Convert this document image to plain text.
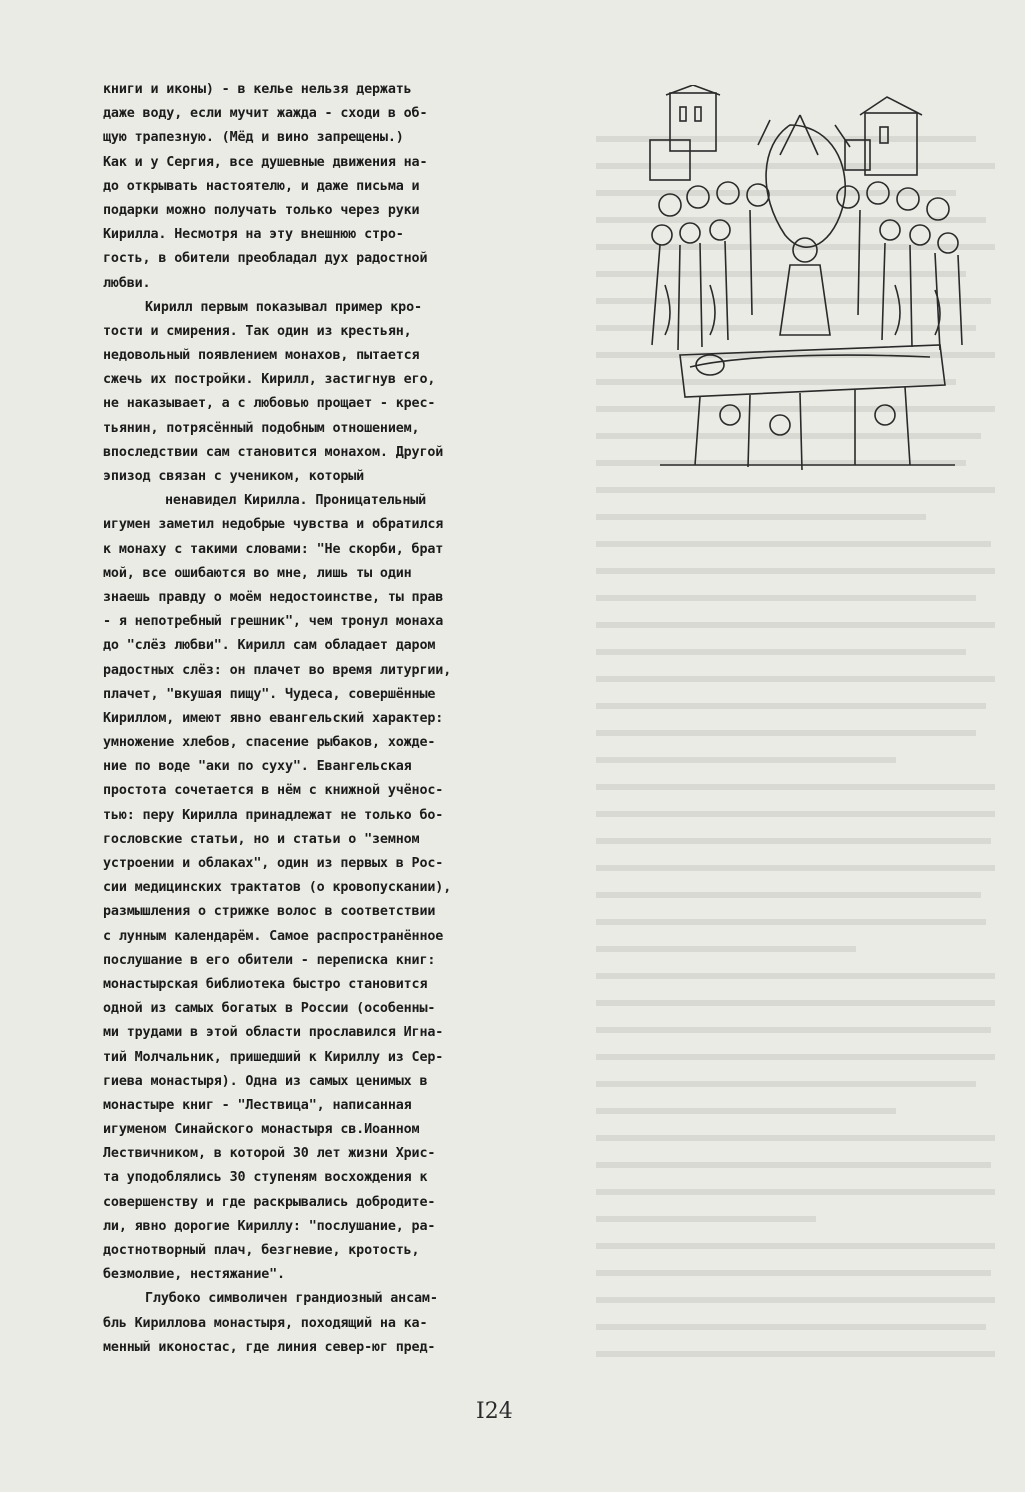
книги и иконы) - в келье нельзя держать
даже воду, если мучит жажда - сходи в об-
щую трапезную. (Мёд и вино запрещены.)
Как и у Сергия, все душевные движения на-
до открывать настоятелю, и даже письма и
подарки можно получать только через руки
Кирилла. Несмотря на эту внешнюю стро-
гость, в обители преобладал дух радостной
любви.
Кирилл первым показывал пример кро-
тости и смирения. Так один из крестьян,
недовольный появлением монахов, пытается
сжечь их постройки. Кирилл, застигнув его,
не наказывает, а с любовью прощает - крес-
тьянин, потрясённый подобным отношением,
впоследствии сам становится монахом. Другой
эпизод связан с учеником, который
ненавидел Кирилла. Проницательный
игумен заметил недобрые чувства и обратился
к монаху с такими словами: "Не скорби, брат
мой, все ошибаются во мне, лишь ты один
знаешь правду о моём недостоинстве, ты прав
- я непотребный грешник", чем тронул монаха
до "слёз любви". Кирилл сам обладает даром
радостных слёз: он плачет во время литургии,
плачет, "вкушая пищу". Чудеса, совершённые
Кириллом, имеют явно евангельский характер:
умножение хлебов, спасение рыбаков, хожде-
ние по воде "аки по суху". Евангельская
простота сочетается в нём с книжной учёнос-
тью: перу Кирилла принадлежат не только бо-
гословские статьи, но и статьи о "земном
устроении и облаках", один из первых в Рос-
сии медицинских трактатов (о кровопускании),
размышления о стрижке волос в соответствии
с лунным календарём. Самое распространённое
послушание в его обители - переписка книг:
монастырская библиотека быстро становится
одной из самых богатых в России (особенны-
ми трудами в этой области прославился Игна-
тий Молчальник, пришедший к Кириллу из Сер-
гиева монастыря). Одна из самых ценимых в
монастыре книг - "Лествица", написанная
игуменом Синайского монастыря св.Иоанном
Лествичником, в которой 30 лет жизни Хрис-
та уподоблялись 30 ступеням восхождения к
совершенству и где раскрывались добродите-
ли, явно дорогие Кириллу: "послушание, ра-
достнотворный плач, безгневие, кротость,
безмолвие, нестяжание".
Глубоко символичен грандиозный ансам-
бль Кириллова монастыря, походящий на ка-
менный иконостас, где линия север-юг пред-
I24
